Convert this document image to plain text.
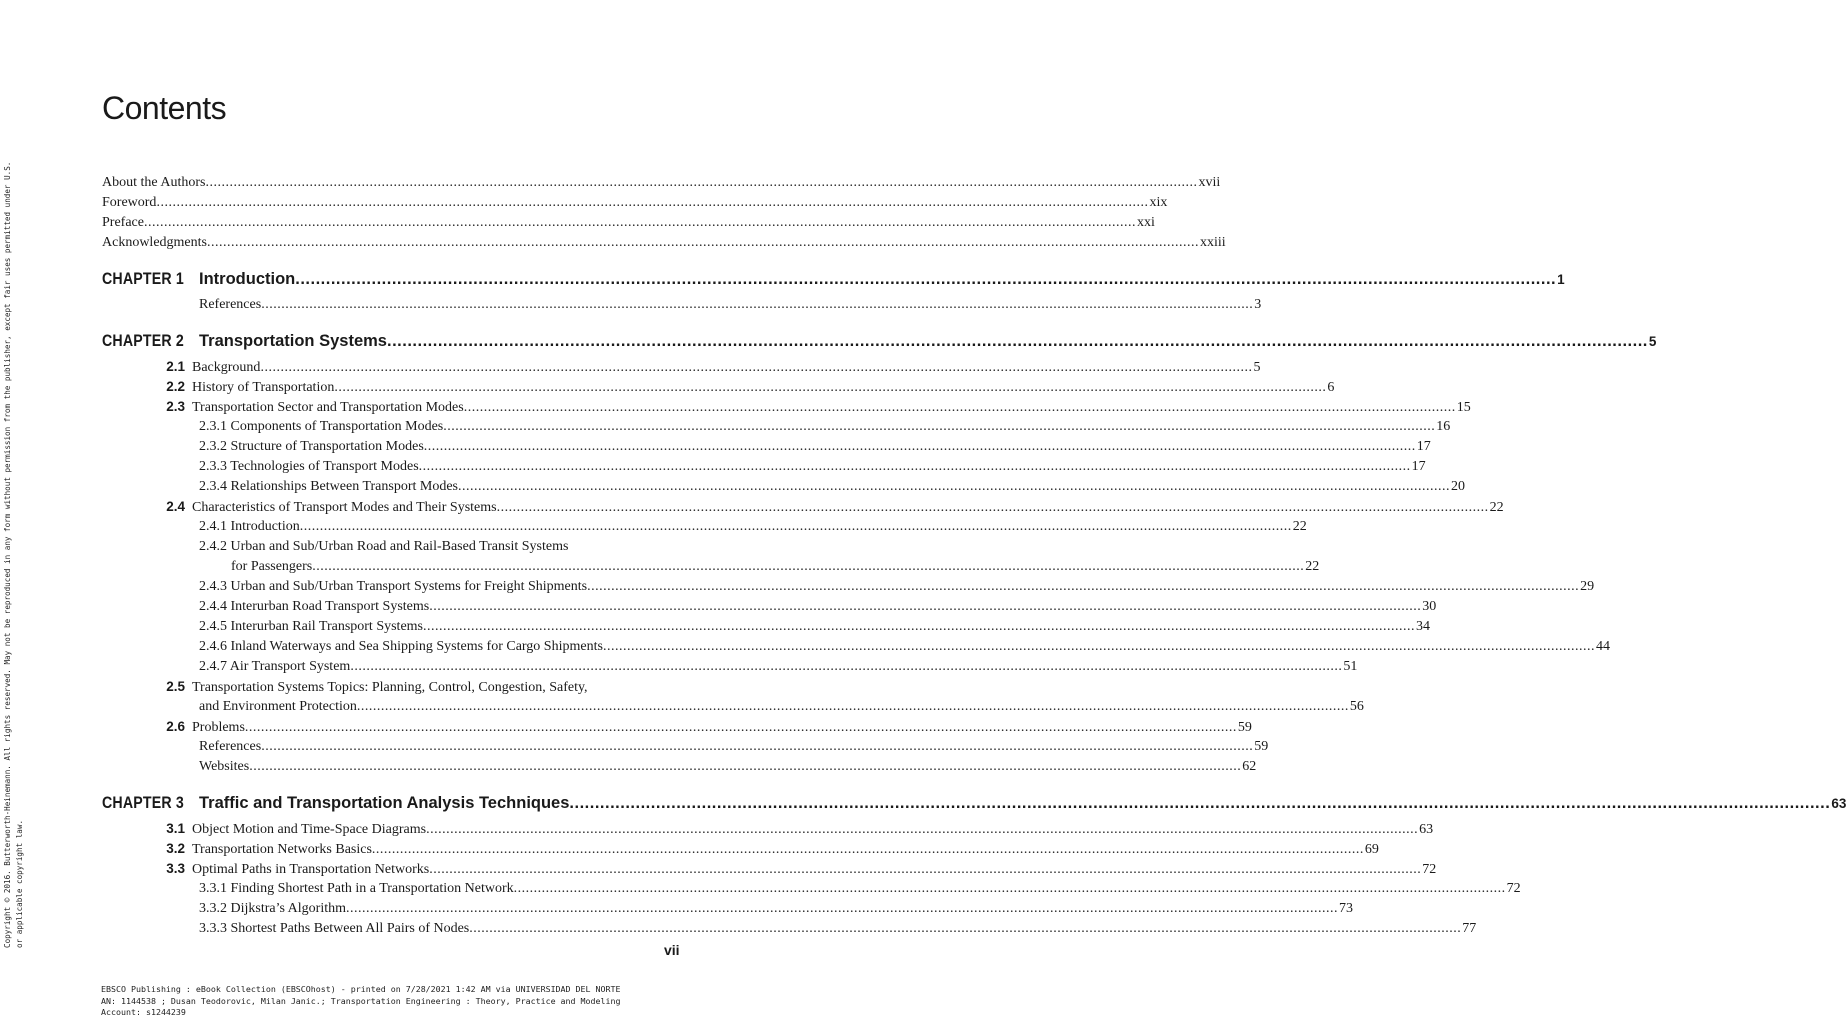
Copyright © 2016. Butterworth-Heinemann. All rights reserved. May not be reproduced in any form without permission from the publisher, except fair uses permitted under U.S. or applicable copyright law.
Contents
About the Authors .....	xvii
Foreword .....	xix
Preface .....	xxi
Acknowledgments .....	xxiii
CHAPTER 1 Introduction .....	1
References .....	3
CHAPTER 2 Transportation Systems .....	5
2.1 Background .....	5
2.2 History of Transportation .....	6
2.3 Transportation Sector and Transportation Modes .....	15
2.3.1 Components of Transportation Modes .....	16
2.3.2 Structure of Transportation Modes .....	17
2.3.3 Technologies of Transport Modes .....	17
2.3.4 Relationships Between Transport Modes .....	20
2.4 Characteristics of Transport Modes and Their Systems .....	22
2.4.1 Introduction .....	22
2.4.2 Urban and Sub/Urban Road and Rail-Based Transit Systems
for Passengers .....	22
2.4.3 Urban and Sub/Urban Transport Systems for Freight Shipments .....	29
2.4.4 Interurban Road Transport Systems .....	30
2.4.5 Interurban Rail Transport Systems .....	34
2.4.6 Inland Waterways and Sea Shipping Systems for Cargo Shipments .....	44
2.4.7 Air Transport System .....	51
2.5 Transportation Systems Topics: Planning, Control, Congestion, Safety,
and Environment Protection .....	56
2.6 Problems .....	59
References .....	59
Websites .....	62
CHAPTER 3 Traffic and Transportation Analysis Techniques .....	63
3.1 Object Motion and Time-Space Diagrams .....	63
3.2 Transportation Networks Basics .....	69
3.3 Optimal Paths in Transportation Networks .....	72
3.3.1 Finding Shortest Path in a Transportation Network .....	72
3.3.2 Dijkstra’s Algorithm .....	73
3.3.3 Shortest Paths Between All Pairs of Nodes .....	77
vii
EBSCO Publishing : eBook Collection (EBSCOhost) - printed on 7/28/2021 1:42 AM via UNIVERSIDAD DEL NORTE
AN: 1144538 ; Dusan Teodorovic, Milan Janic.; Transportation Engineering : Theory, Practice and Modeling
Account: s1244239
